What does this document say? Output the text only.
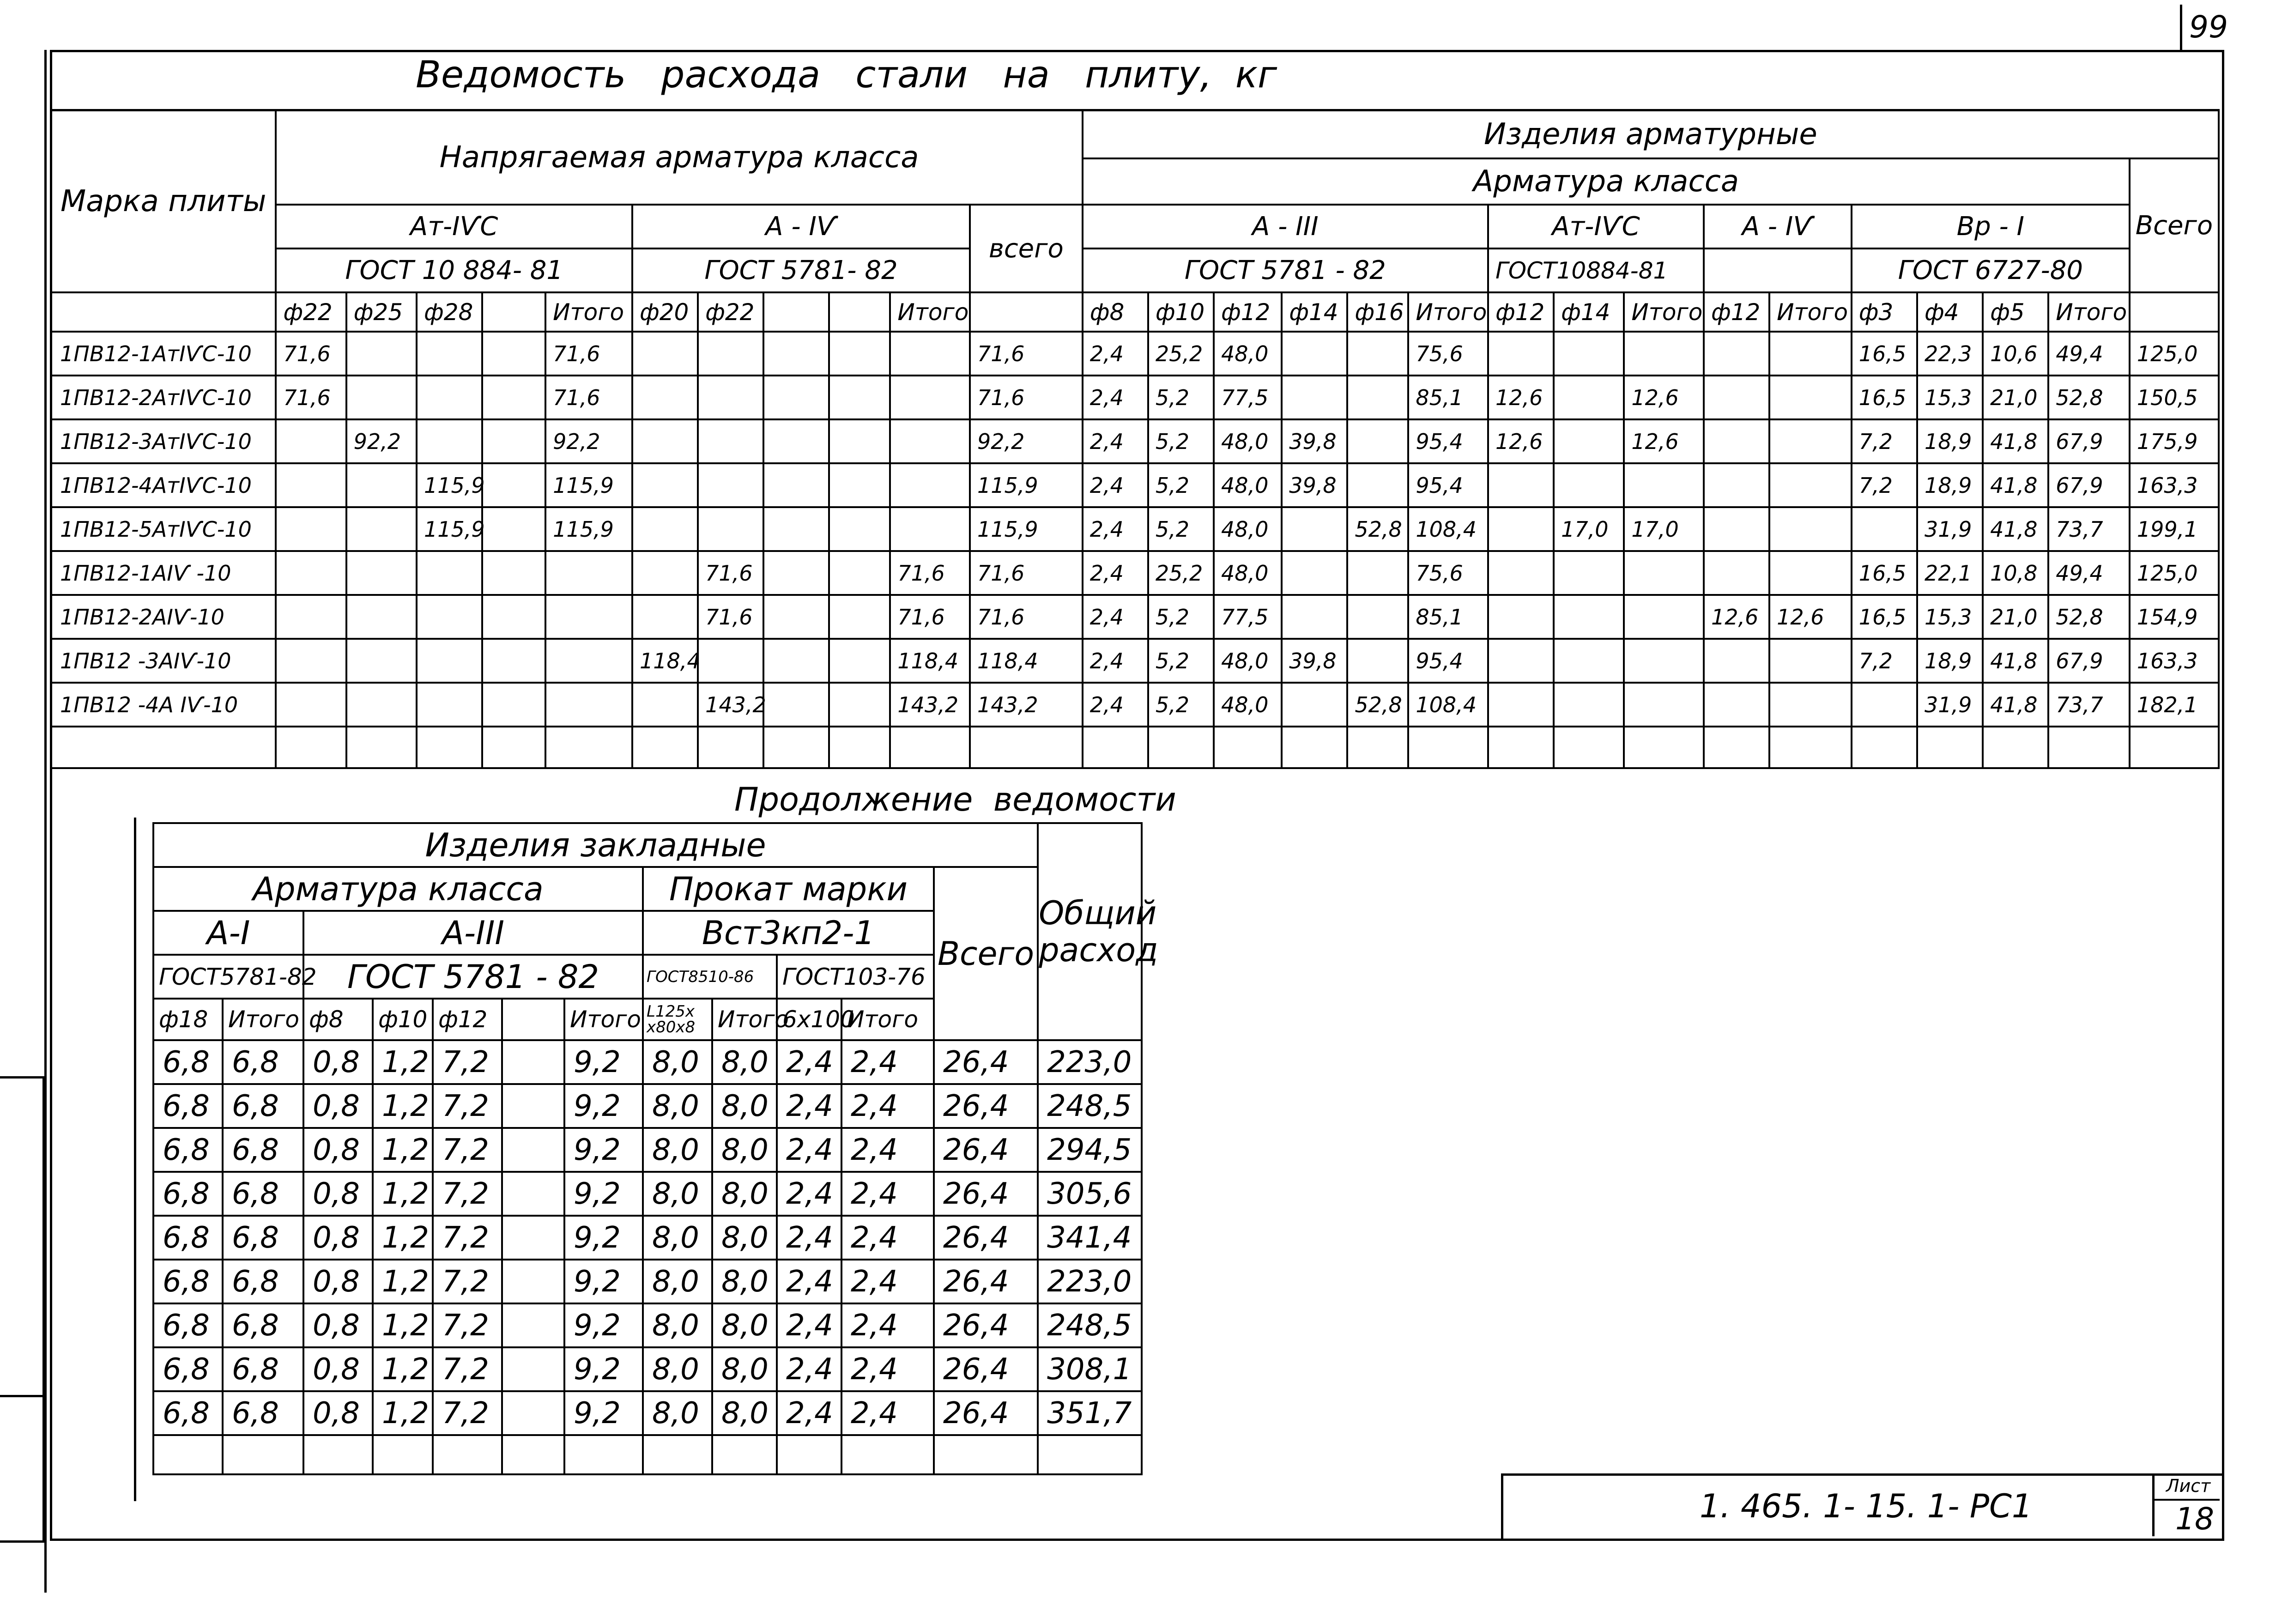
99
Ведомость   расхода   стали   на   плиту,  кг
Марка плиты	Напрягаемая арматура класса											Изделия арматурные															
												Арматура класса															Всего
	Ат-ІѴС					А - ІѴ					всего	А - ІІІ						Ат-ІѴС			А - ІѴ		Вр - І				
	ГОСТ 10 884- 81					ГОСТ 5781- 82						ГОСТ 5781 - 82						ГОСТ10884-81					ГОСТ 6727-80				
	ф22	ф25	ф28		Итого	ф20	ф22			Итого		ф8	ф10	ф12	ф14	ф16	Итого	ф12	ф14	Итого	ф12	Итого	ф3	ф4	ф5	Итого	
1ПВ12-1АтІѴС-10	71,6				71,6						71,6	2,4	25,2	48,0			75,6						16,5	22,3	10,6	49,4	125,0
1ПВ12-2АтІѴС-10	71,6				71,6						71,6	2,4	5,2	77,5			85,1	12,6		12,6			16,5	15,3	21,0	52,8	150,5
1ПВ12-3АтІѴС-10		92,2			92,2						92,2	2,4	5,2	48,0	39,8		95,4	12,6		12,6			7,2	18,9	41,8	67,9	175,9
1ПВ12-4АтІѴС-10			115,9		115,9						115,9	2,4	5,2	48,0	39,8		95,4						7,2	18,9	41,8	67,9	163,3
1ПВ12-5АтІѴС-10			115,9		115,9						115,9	2,4	5,2	48,0		52,8	108,4		17,0	17,0				31,9	41,8	73,7	199,1
1ПВ12-1АІѴ -10							71,6			71,6	71,6	2,4	25,2	48,0			75,6						16,5	22,1	10,8	49,4	125,0
1ПВ12-2АІѴ-10							71,6			71,6	71,6	2,4	5,2	77,5			85,1				12,6	12,6	16,5	15,3	21,0	52,8	154,9
1ПВ12 -3АІѴ-10						118,4				118,4	118,4	2,4	5,2	48,0	39,8		95,4						7,2	18,9	41,8	67,9	163,3
1ПВ12 -4А ІѴ-10							143,2			143,2	143,2	2,4	5,2	48,0		52,8	108,4							31,9	41,8	73,7	182,1

Продолжение  ведомости
Изделия закладные												Общий расход
Арматура класса							Прокат марки				Всего	
А-І		А-ІІІ					Вст3кп2-1					
ГОСТ5781-82		ГОСТ 5781 - 82					ГОСТ8510-86		ГОСТ103-76			
ф18	Итого	ф8	ф10	ф12		Итого	L125х х80х8	Итого	6х100	Итого		
6,8	6,8	0,8	1,2	7,2		9,2	8,0	8,0	2,4	2,4	26,4	223,0
6,8	6,8	0,8	1,2	7,2		9,2	8,0	8,0	2,4	2,4	26,4	248,5
6,8	6,8	0,8	1,2	7,2		9,2	8,0	8,0	2,4	2,4	26,4	294,5
6,8	6,8	0,8	1,2	7,2		9,2	8,0	8,0	2,4	2,4	26,4	305,6
6,8	6,8	0,8	1,2	7,2		9,2	8,0	8,0	2,4	2,4	26,4	341,4
6,8	6,8	0,8	1,2	7,2		9,2	8,0	8,0	2,4	2,4	26,4	223,0
6,8	6,8	0,8	1,2	7,2		9,2	8,0	8,0	2,4	2,4	26,4	248,5
6,8	6,8	0,8	1,2	7,2		9,2	8,0	8,0	2,4	2,4	26,4	308,1
6,8	6,8	0,8	1,2	7,2		9,2	8,0	8,0	2,4	2,4	26,4	351,7

1. 465. 1- 15. 1- РС1
Лист
18
